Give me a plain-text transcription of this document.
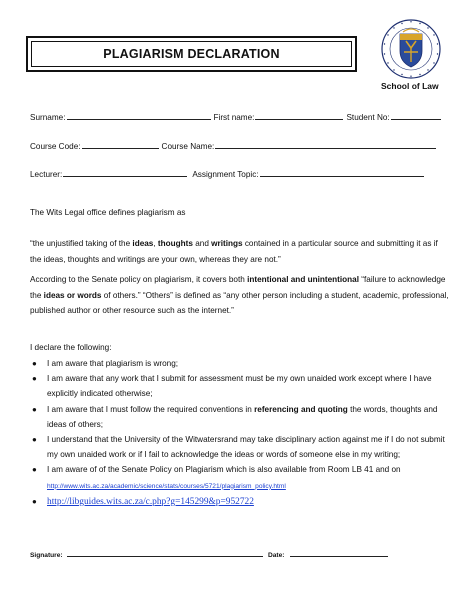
PLAGIARISM DECLARATION
School of Law
Surname:	First name:	Student No:
Course Code:	Course Name:
Lecturer:	Assignment Topic:
The Wits Legal office defines plagiarism as
“the unjustified taking of the ideas, thoughts and writings contained in a particular source and submitting it as if the ideas, thoughts and writings are your own, whereas they are not.”
According to the Senate policy on plagiarism, it covers both intentional and unintentional “failure to acknowledge the ideas or words of others.” “Others” is defined as “any other person including a student, academic, professional, published author or other resource such as the internet.”
I declare the following:
● I am aware that plagiarism is wrong;
● I am aware that any work that I submit for assessment must be my own unaided work except where I have explicitly indicated otherwise;
● I am aware that I must follow the required conventions in referencing and quoting the words, thoughts and ideas of others;
● I understand that the University of the Witwatersrand may take disciplinary action against me if I do not submit my own unaided work or if I fail to acknowledge the ideas or words of someone else in my writing;
● I am aware of of the Senate Policy on Plagiarism which is also available from Room LB 41 and on
http://www.wits.ac.za/academic/science/stats/courses/5721/plagiarism_policy.html
● http://libguides.wits.ac.za/c.php?g=145299&p=952722
Signature:	Date:
